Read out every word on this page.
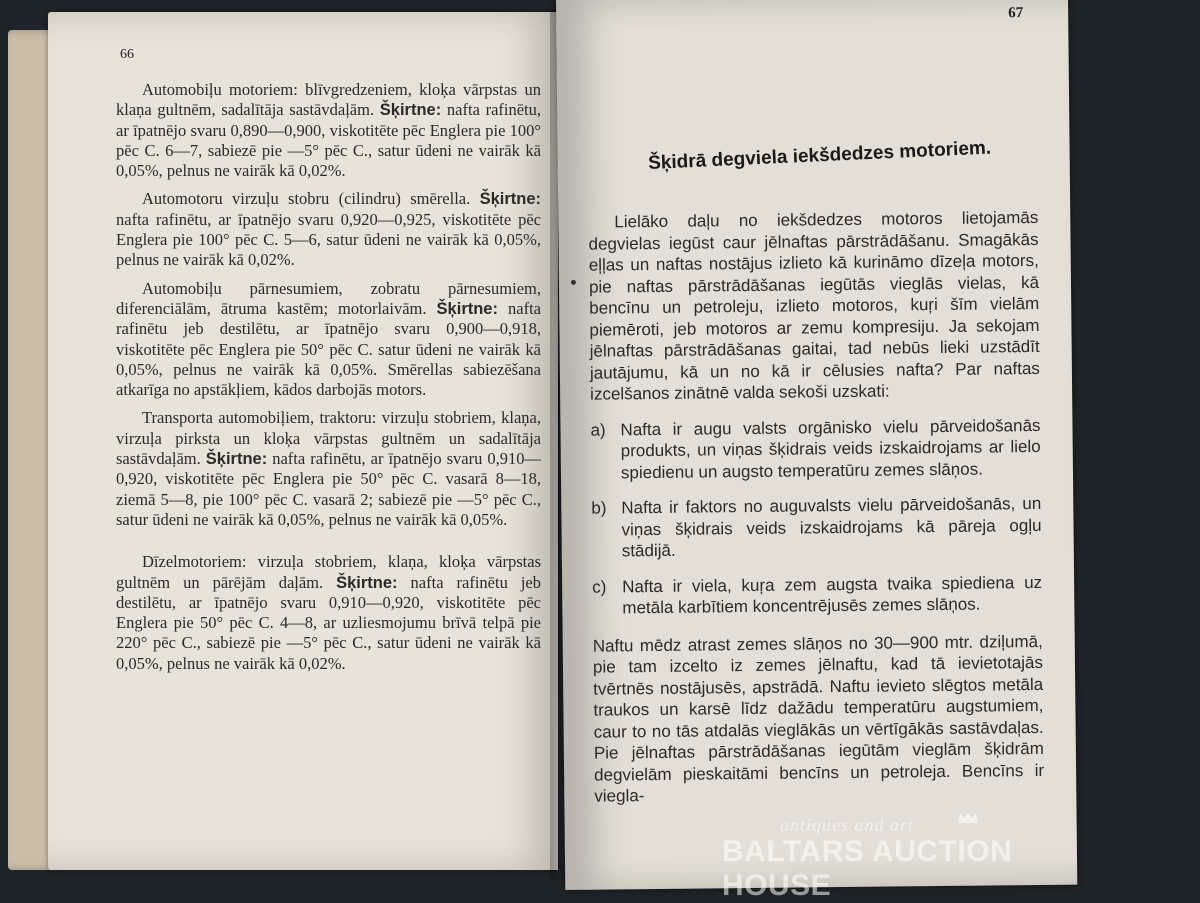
66

Automobiļu motoriem: blīvgredzeniem, kloķa vārpstas un klaņa gultnēm, sadalītāja sastāvdaļām. Šķirtne: nafta rafinētu, ar īpatnējo svaru 0,890—0,900, viskotitēte pēc Englera pie 100° pēc C. 6—7, sabiezē pie —5° pēc C., satur ūdeni ne vairāk kā 0,05%, pelnus ne vairāk kā 0,02%.

Automotoru virzuļu stobru (cilindru) smērella. Šķirtne: nafta rafinētu, ar īpatnējo svaru 0,920—0,925, viskotitēte pēc Englera pie 100° pēc C. 5—6, satur ūdeni ne vairāk kā 0,05%, pelnus ne vairāk kā 0,02%.

Automobiļu pārnesumiem, zobratu pārnesumiem, diferenciālām, ātruma kastēm; motorlaivām. Šķirtne: nafta rafinētu jeb destilētu, ar īpatnējo svaru 0,900—0,918, viskotitēte pēc Englera pie 50° pēc C. satur ūdeni ne vairāk kā 0,05%, pelnus ne vairāk kā 0,05%. Smērellas sabiezēšana atkarīga no apstākļiem, kādos darbojās motors.

Transporta automobiļiem, traktoru: virzuļu stobriem, klaņa, virzuļa pirksta un kloķa vārpstas gultnēm un sadalītāja sastāvdaļām. Šķirtne: nafta rafinētu, ar īpatnējo svaru 0,910—0,920, viskotitēte pēc Englera pie 50° pēc C. vasarā 8—18, ziemā 5—8, pie 100° pēc C. vasarā 2; sabiezē pie —5° pēc C., satur ūdeni ne vairāk kā 0,05%, pelnus ne vairāk kā 0,05%.

Dīzelmotoriem: virzuļa stobriem, klaņa, kloķa vārpstas gultnēm un pārējām daļām. Šķirtne: nafta rafinētu jeb destilētu, ar īpatnējo svaru 0,910—0,920, viskotitēte pēc Englera pie 50° pēc C. 4—8, ar uzliesmojumu brīvā telpā pie 220° pēc C., sabiezē pie —5° pēc C., satur ūdeni ne vairāk kā 0,05%, pelnus ne vairāk kā 0,02%.

67
Šķidrā degviela iekšdedzes motoriem.

Lielāko daļu no iekšdedzes motoros lietojamās degvielas iegūst caur jēlnaftas pārstrādāšanu. Smagākās eļļas un naftas nostājus izlieto kā kurināmo dīzeļa motors, pie naftas pārstrādāšanas iegūtās vieglās vielas, kā bencīnu un petroleju, izlieto motoros, kuŗi šīm vielām piemēroti, jeb motoros ar zemu kompresiju. Ja sekojam jēlnaftas pārstrādāšanas gaitai, tad nebūs lieki uzstādīt jautājumu, kā un no kā ir cēlusies nafta? Par naftas izcelšanos zinātnē valda sekoši uzskati:

a) Nafta ir augu valsts orgānisko vielu pārveidošanās produkts, un viņas šķidrais veids izskaidrojams ar lielo spiedienu un augsto temperatūru zemes slāņos.
b) Nafta ir faktors no auguvalsts vielu pārveidošanās, un viņas šķidrais veids izskaidrojams kā pāreja ogļu stādijā.
c) Nafta ir viela, kuŗa zem augsta tvaika spiediena uz metāla karbītiem koncentrējusēs zemes slāņos.

Naftu mēdz atrast zemes slāņos no 30—900 mtr. dziļumā, pie tam izcelto iz zemes jēlnaftu, kad tā ievietotajās tvērtnēs nostājusēs, apstrādā. Naftu ievieto slēgtos metāla traukos un karsē līdz dažādu temperatūru augstumiem, caur to no tās atdalās vieglākās un vērtīgākās sastāvdaļas. Pie jēlnaftas pārstrādāšanas iegūtām vieglām šķidrām degvielām pieskaitāmi bencīns un petroleja. Bencīns ir viegla-

antiques and art
BALTARS AUCTION HOUSE
